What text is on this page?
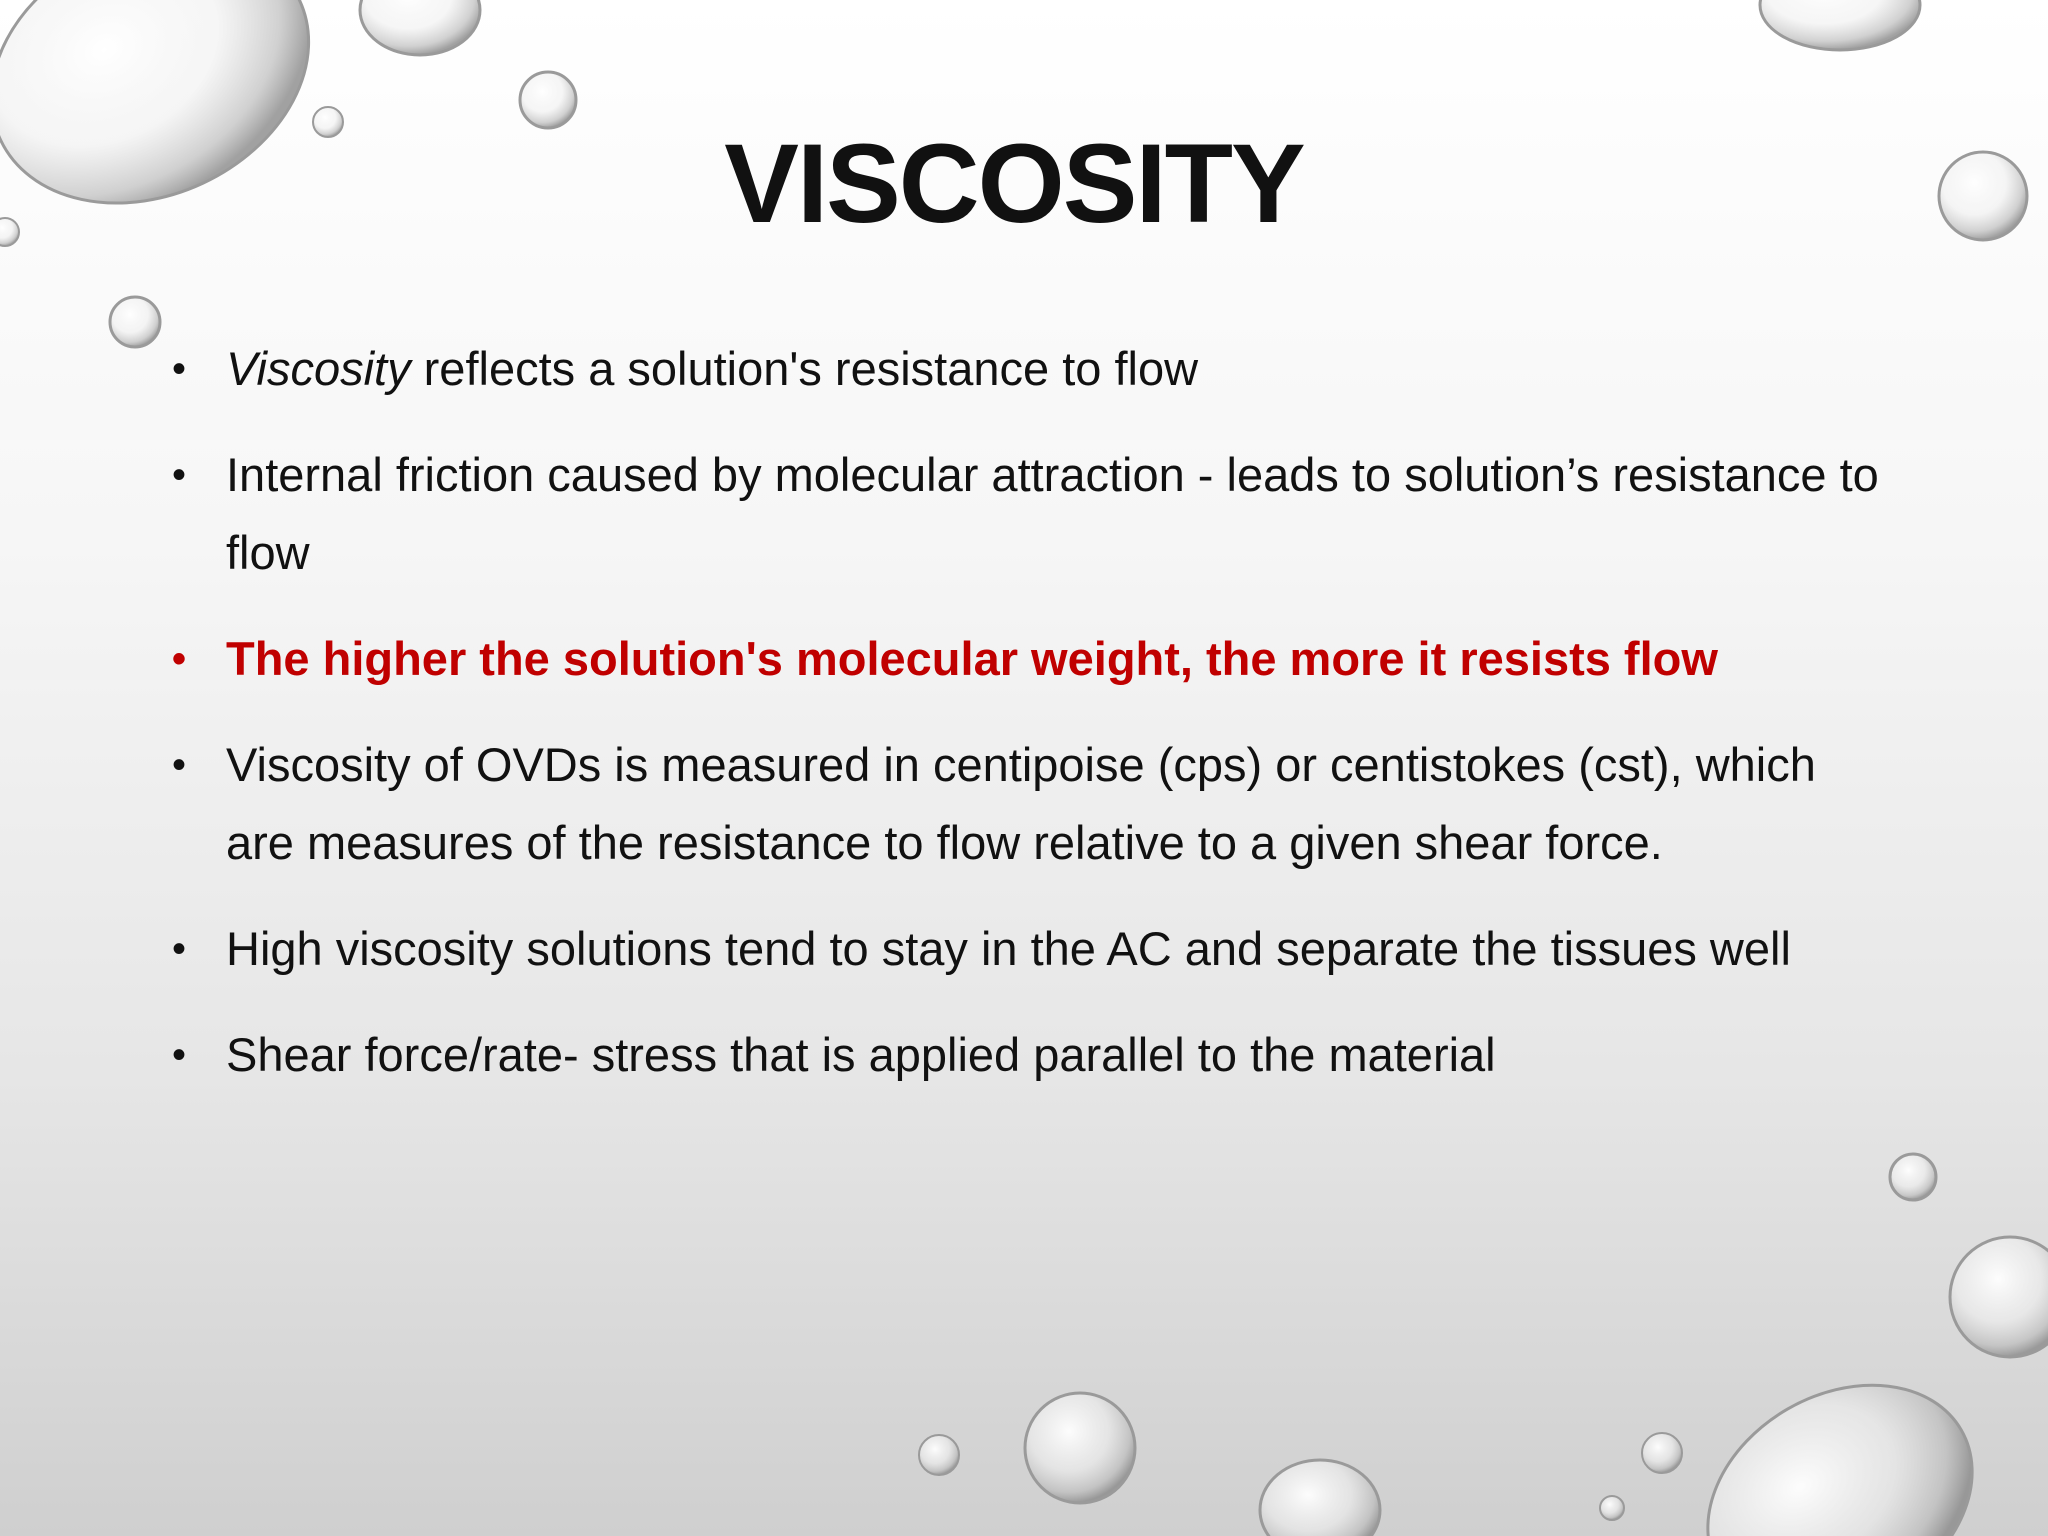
VISCOSITY
• Viscosity reflects a solution's resistance to flow
• Internal friction caused by molecular attraction - leads to solution’s resistance to flow
• The higher the solution's molecular weight, the more it resists flow
• Viscosity of OVDs is measured in centipoise (cps) or centistokes (cst), which are measures of the resistance to flow relative to a given shear force.
• High viscosity solutions tend to stay in the AC and separate the tissues well
• Shear force/rate- stress that is applied parallel to the material
